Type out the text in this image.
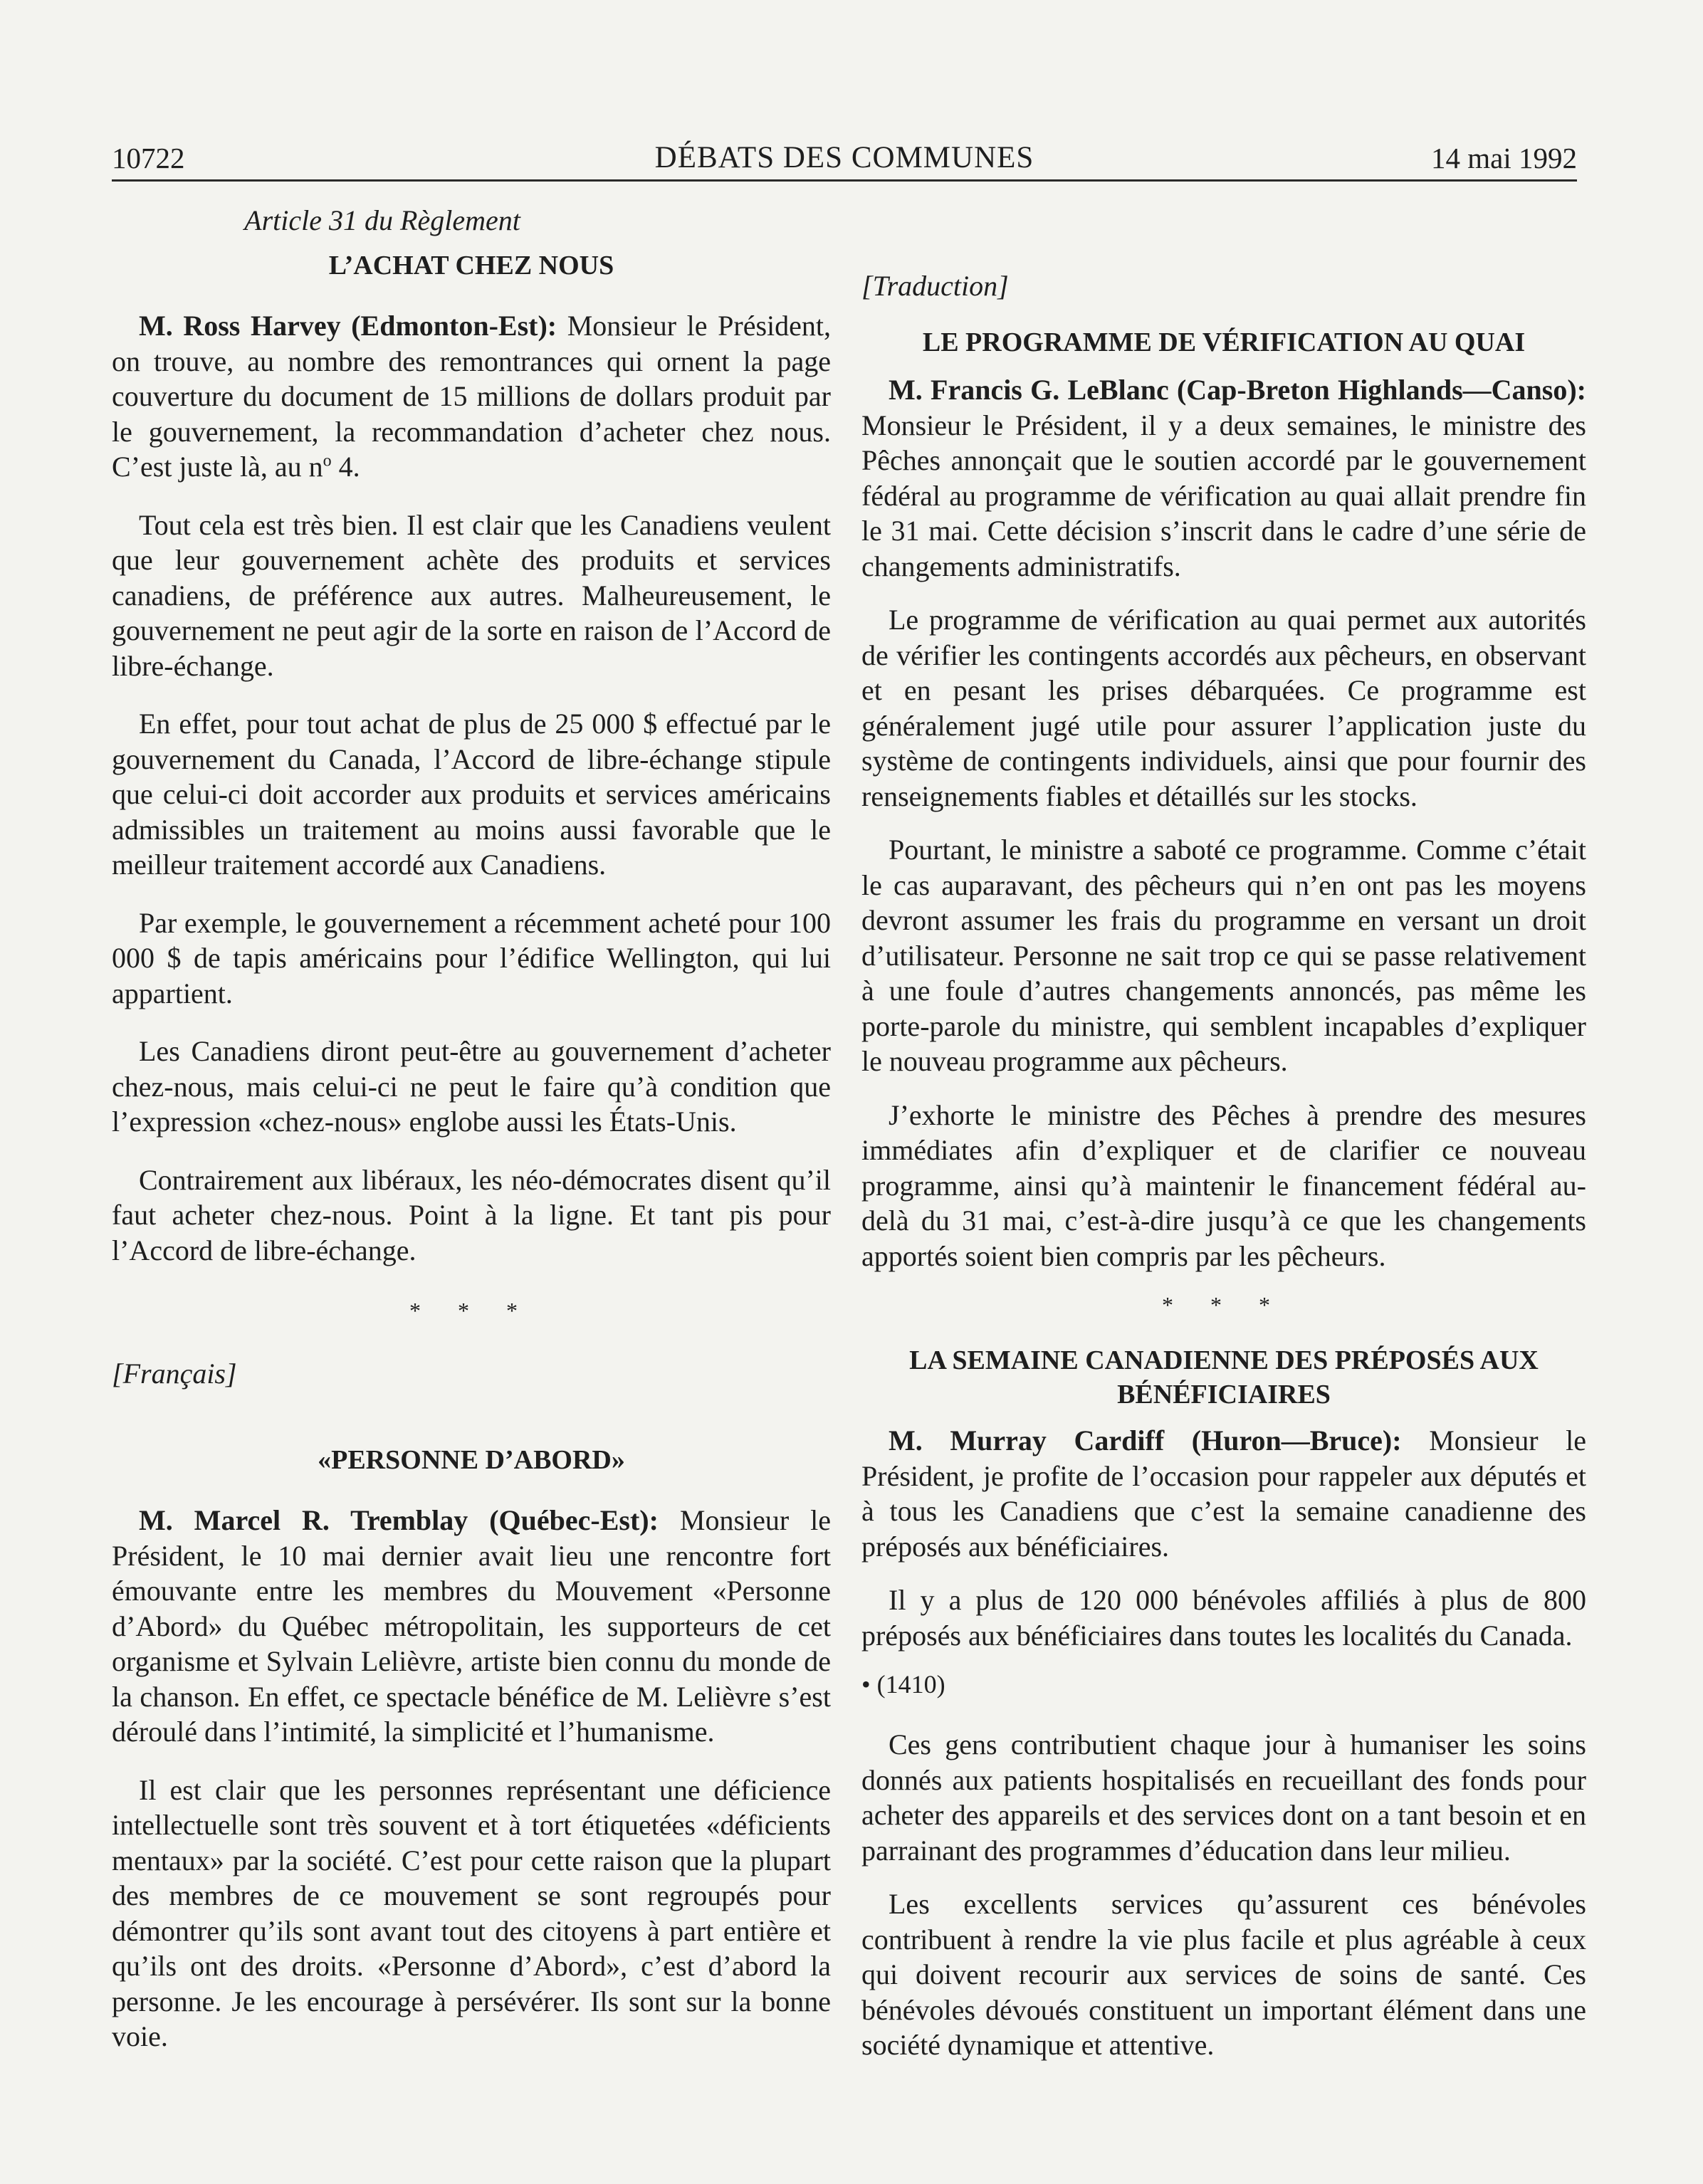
10722	DÉBATS DES COMMUNES	14 mai 1992
Article 31 du Règlement
L’ACHAT CHEZ NOUS

M. Ross Harvey (Edmonton-Est): Monsieur le Président, on trouve, au nombre des remontrances qui ornent la page couverture du document de 15 millions de dollars produit par le gouvernement, la recommandation d’acheter chez nous. C’est juste là, au $n^o$ 4.

Tout cela est très bien. Il est clair que les Canadiens veulent que leur gouvernement achète des produits et services canadiens, de préférence aux autres. Malheureusement, le gouvernement ne peut agir de la sorte en raison de l’Accord de libre-échange.

En effet, pour tout achat de plus de 25 000 $ effectué par le gouvernement du Canada, l’Accord de libre-échange stipule que celui-ci doit accorder aux produits et services américains admissibles un traitement au moins aussi favorable que le meilleur traitement accordé aux Canadiens.

Par exemple, le gouvernement a récemment acheté pour 100 000 $ de tapis américains pour l’édifice Wellington, qui lui appartient.

Les Canadiens diront peut-être au gouvernement d’acheter chez-nous, mais celui-ci ne peut le faire qu’à condition que l’expression «chez-nous» englobe aussi les États-Unis.

Contrairement aux libéraux, les néo-démocrates disent qu’il faut acheter chez-nous. Point à la ligne. Et tant pis pour l’Accord de libre-échange.

* * *
[Français]
«PERSONNE D’ABORD»

M. Marcel R. Tremblay (Québec-Est): Monsieur le Président, le 10 mai dernier avait lieu une rencontre fort émouvante entre les membres du Mouvement «Personne d’Abord» du Québec métropolitain, les supporteurs de cet organisme et Sylvain Lelièvre, artiste bien connu du monde de la chanson. En effet, ce spectacle bénéfice de M. Lelièvre s’est déroulé dans l’intimité, la simplicité et l’humanisme.

Il est clair que les personnes représentant une déficience intellectuelle sont très souvent et à tort étiquetées «déficients mentaux» par la société. C’est pour cette raison que la plupart des membres de ce mouvement se sont regroupés pour démontrer qu’ils sont avant tout des citoyens à part entière et qu’ils ont des droits. «Personne d’Abord», c’est d’abord la personne. Je les encourage à persévérer. Ils sont sur la bonne voie.

[Traduction]
LE PROGRAMME DE VÉRIFICATION AU QUAI

M. Francis G. LeBlanc (Cap-Breton Highlands—Canso): Monsieur le Président, il y a deux semaines, le ministre des Pêches annonçait que le soutien accordé par le gouvernement fédéral au programme de vérification au quai allait prendre fin le 31 mai. Cette décision s’inscrit dans le cadre d’une série de changements administratifs.

Le programme de vérification au quai permet aux autorités de vérifier les contingents accordés aux pêcheurs, en observant et en pesant les prises débarquées. Ce programme est généralement jugé utile pour assurer l’application juste du système de contingents individuels, ainsi que pour fournir des renseignements fiables et détaillés sur les stocks.

Pourtant, le ministre a saboté ce programme. Comme c’était le cas auparavant, des pêcheurs qui n’en ont pas les moyens devront assumer les frais du programme en versant un droit d’utilisateur. Personne ne sait trop ce qui se passe relativement à une foule d’autres changements annoncés, pas même les porte-parole du ministre, qui semblent incapables d’expliquer le nouveau programme aux pêcheurs.

J’exhorte le ministre des Pêches à prendre des mesures immédiates afin d’expliquer et de clarifier ce nouveau programme, ainsi qu’à maintenir le financement fédéral au-delà du 31 mai, c’est-à-dire jusqu’à ce que les changements apportés soient bien compris par les pêcheurs.

* * *
LA SEMAINE CANADIENNE DES PRÉPOSÉS AUX BÉNÉFICIAIRES

M. Murray Cardiff (Huron—Bruce): Monsieur le Président, je profite de l’occasion pour rappeler aux députés et à tous les Canadiens que c’est la semaine canadienne des préposés aux bénéficiaires.

Il y a plus de 120 000 bénévoles affiliés à plus de 800 préposés aux bénéficiaires dans toutes les localités du Canada.

• (1410)

Ces gens contributient chaque jour à humaniser les soins donnés aux patients hospitalisés en recueillant des fonds pour acheter des appareils et des services dont on a tant besoin et en parrainant des programmes d’éducation dans leur milieu.

Les excellents services qu’assurent ces bénévoles contribuent à rendre la vie plus facile et plus agréable à ceux qui doivent recourir aux services de soins de santé. Ces bénévoles dévoués constituent un important élément dans une société dynamique et attentive.
